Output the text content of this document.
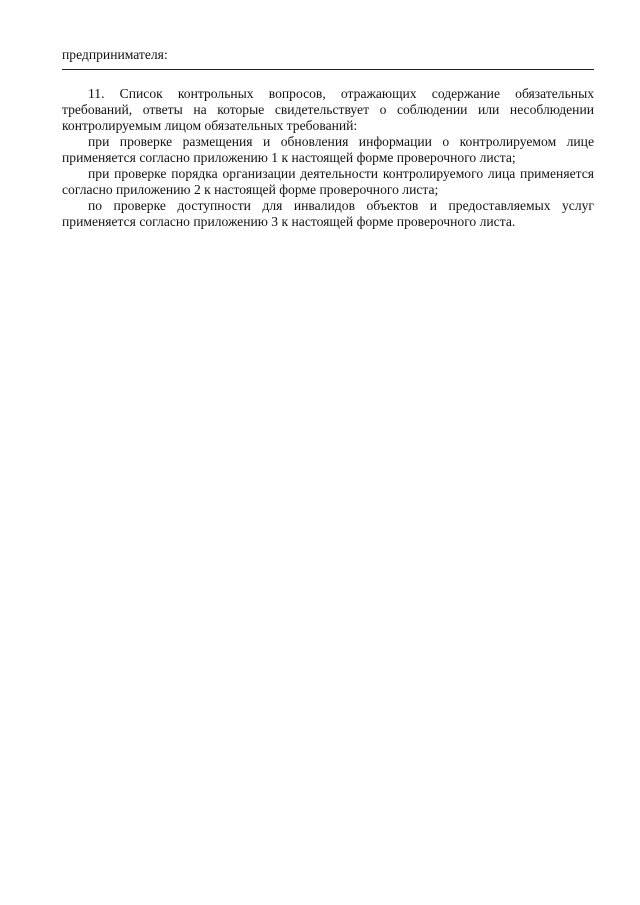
предпринимателя:

11. Список контрольных вопросов, отражающих содержание обязательных требований, ответы на которые свидетельствует о соблюдении или несоблюдении контролируемым лицом обязательных требований:

при проверке размещения и обновления информации о контролируемом лице применяется согласно приложению 1 к настоящей форме проверочного листа;

при проверке порядка организации деятельности контролируемого лица применяется согласно приложению 2 к настоящей форме проверочного листа;

по проверке доступности для инвалидов объектов и предоставляемых услуг применяется согласно приложению 3 к настоящей форме проверочного листа.
